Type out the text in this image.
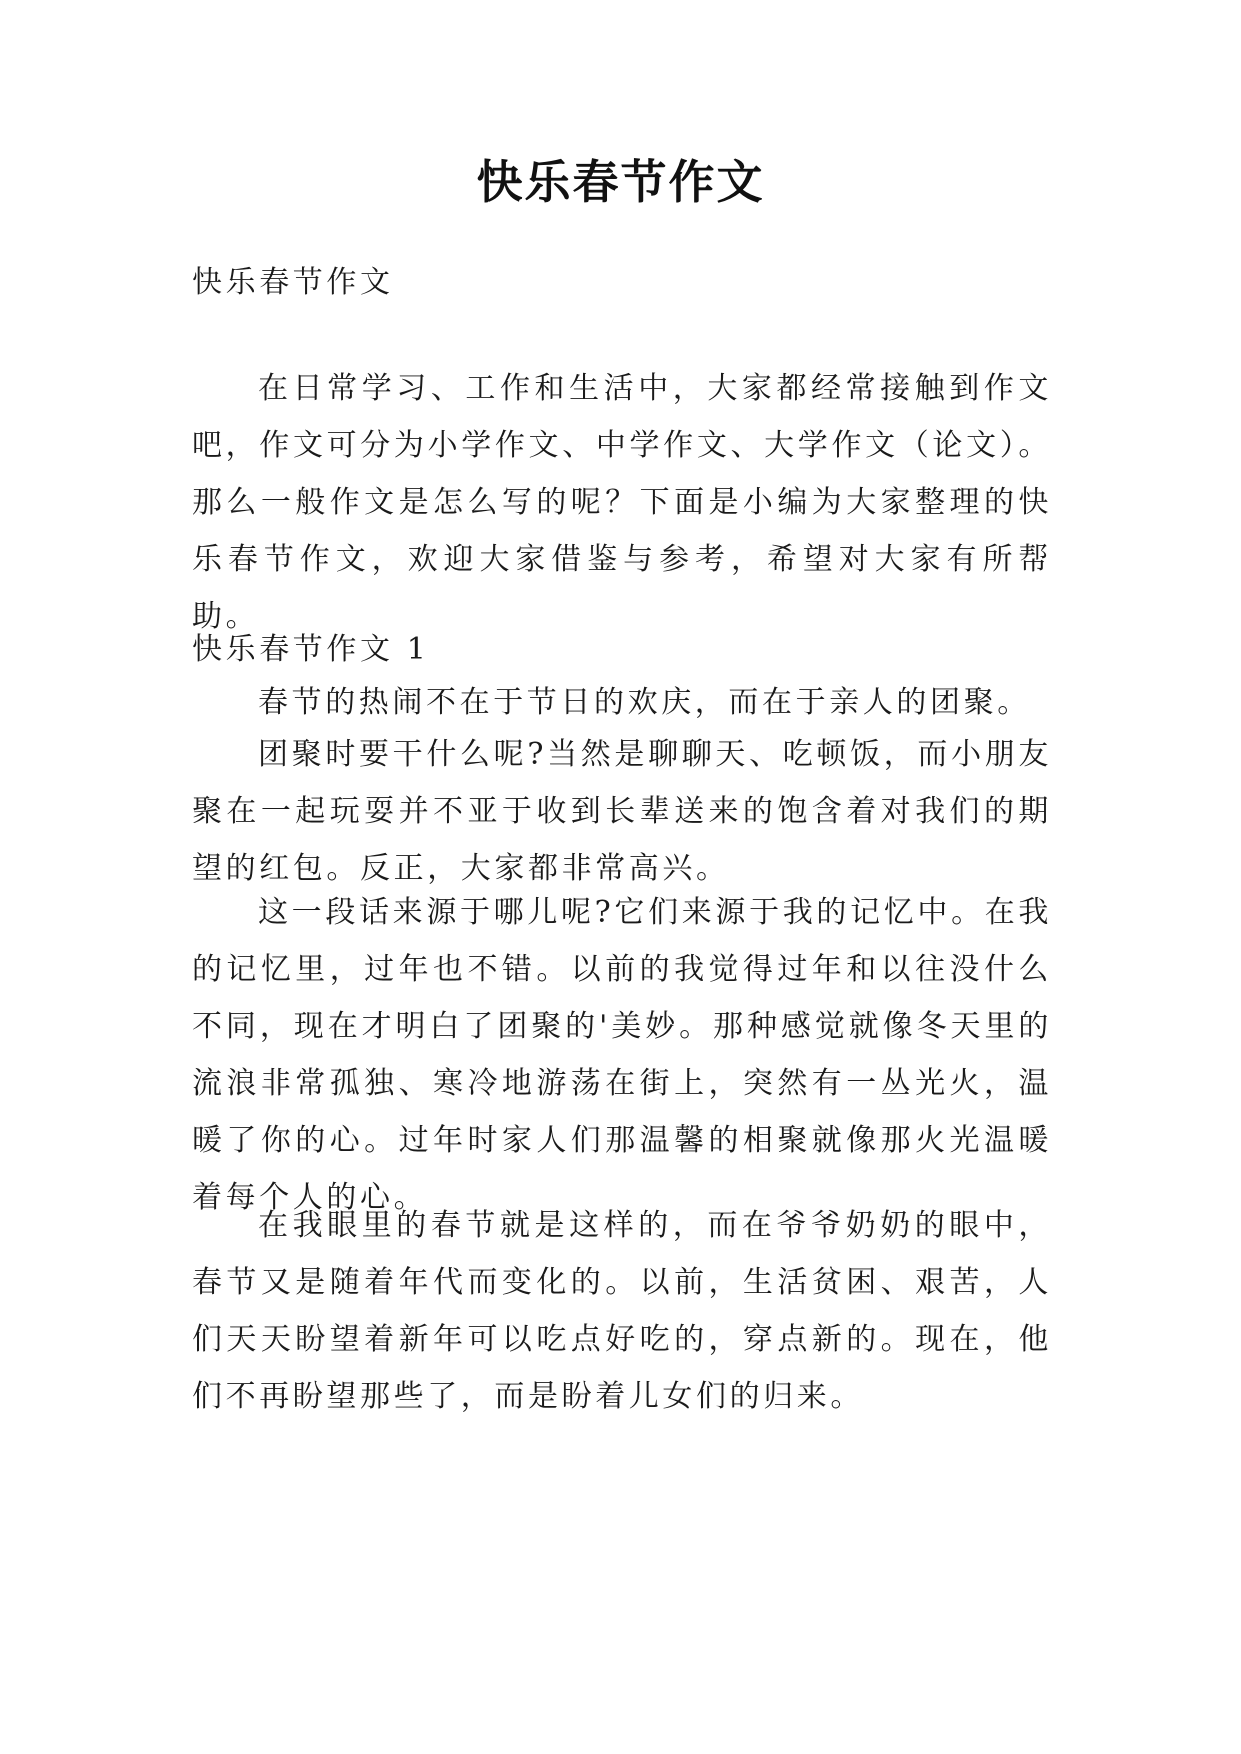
快乐春节作文

快乐春节作文

在日常学习、工作和生活中，大家都经常接触到作文吧，作文可分为小学作文、中学作文、大学作文（论文）。那么一般作文是怎么写的呢？下面是小编为大家整理的快乐春节作文，欢迎大家借鉴与参考，希望对大家有所帮助。

快乐春节作文 1

春节的热闹不在于节日的欢庆，而在于亲人的团聚。

团聚时要干什么呢?当然是聊聊天、吃顿饭，而小朋友聚在一起玩耍并不亚于收到长辈送来的饱含着对我们的期望的红包。反正，大家都非常高兴。

这一段话来源于哪儿呢?它们来源于我的记忆中。在我的记忆里，过年也不错。以前的我觉得过年和以往没什么不同，现在才明白了团聚的'美妙。那种感觉就像冬天里的流浪非常孤独、寒冷地游荡在街上，突然有一丛光火，温暖了你的心。过年时家人们那温馨的相聚就像那火光温暖着每个人的心。

在我眼里的春节就是这样的，而在爷爷奶奶的眼中，春节又是随着年代而变化的。以前，生活贫困、艰苦，人们天天盼望着新年可以吃点好吃的，穿点新的。现在，他们不再盼望那些了，而是盼着儿女们的归来。
